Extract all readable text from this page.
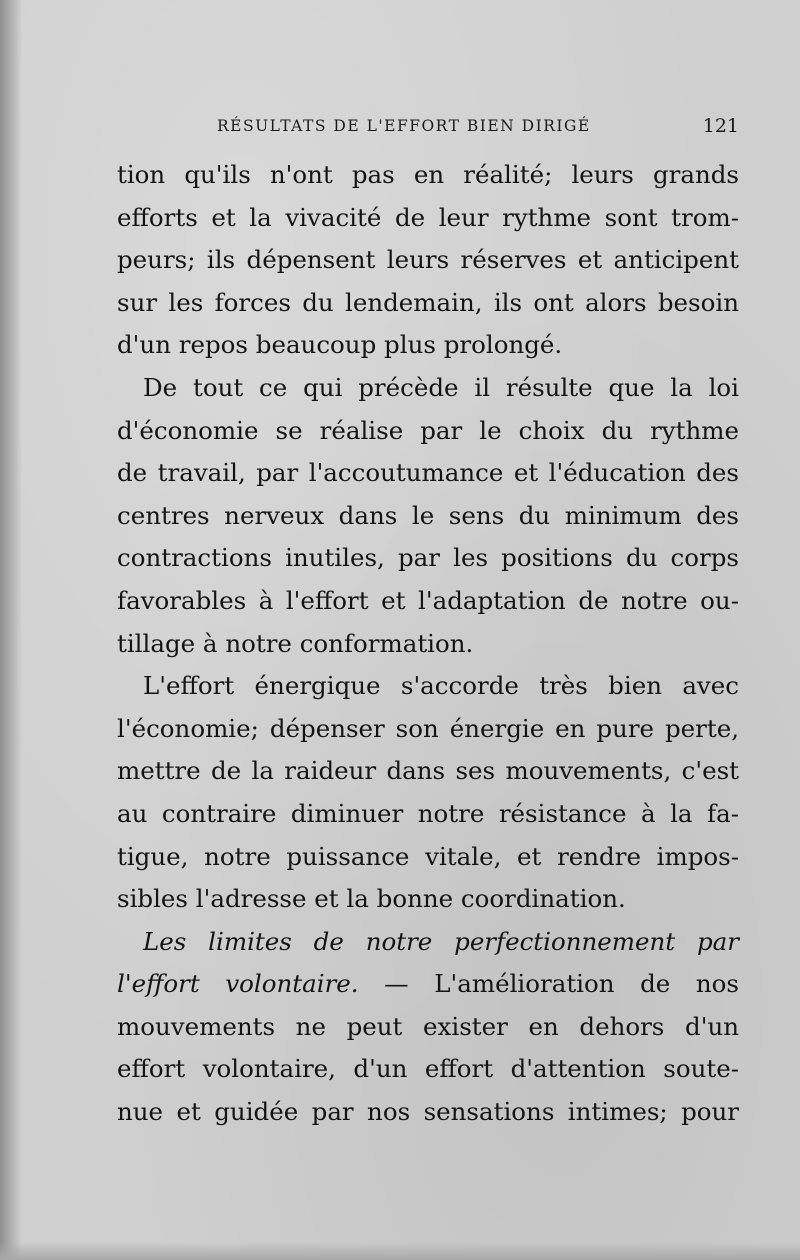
RÉSULTATS DE L'EFFORT BIEN DIRIGÉ	121
tion qu'ils n'ont pas en réalité; leurs grands
efforts et la vivacité de leur rythme sont trom-
peurs; ils dépensent leurs réserves et anticipent
sur les forces du lendemain, ils ont alors besoin
d'un repos beaucoup plus prolongé.
De tout ce qui précède il résulte que la loi
d'économie se réalise par le choix du rythme
de travail, par l'accoutumance et l'éducation des
centres nerveux dans le sens du minimum des
contractions inutiles, par les positions du corps
favorables à l'effort et l'adaptation de notre ou-
tillage à notre conformation.
L'effort énergique s'accorde très bien avec
l'économie; dépenser son énergie en pure perte,
mettre de la raideur dans ses mouvements, c'est
au contraire diminuer notre résistance à la fa-
tigue, notre puissance vitale, et rendre impos-
sibles l'adresse et la bonne coordination.
Les limites de notre perfectionnement par
l'effort volontaire. — L'amélioration de nos
mouvements ne peut exister en dehors d'un
effort volontaire, d'un effort d'attention soute-
nue et guidée par nos sensations intimes; pour
